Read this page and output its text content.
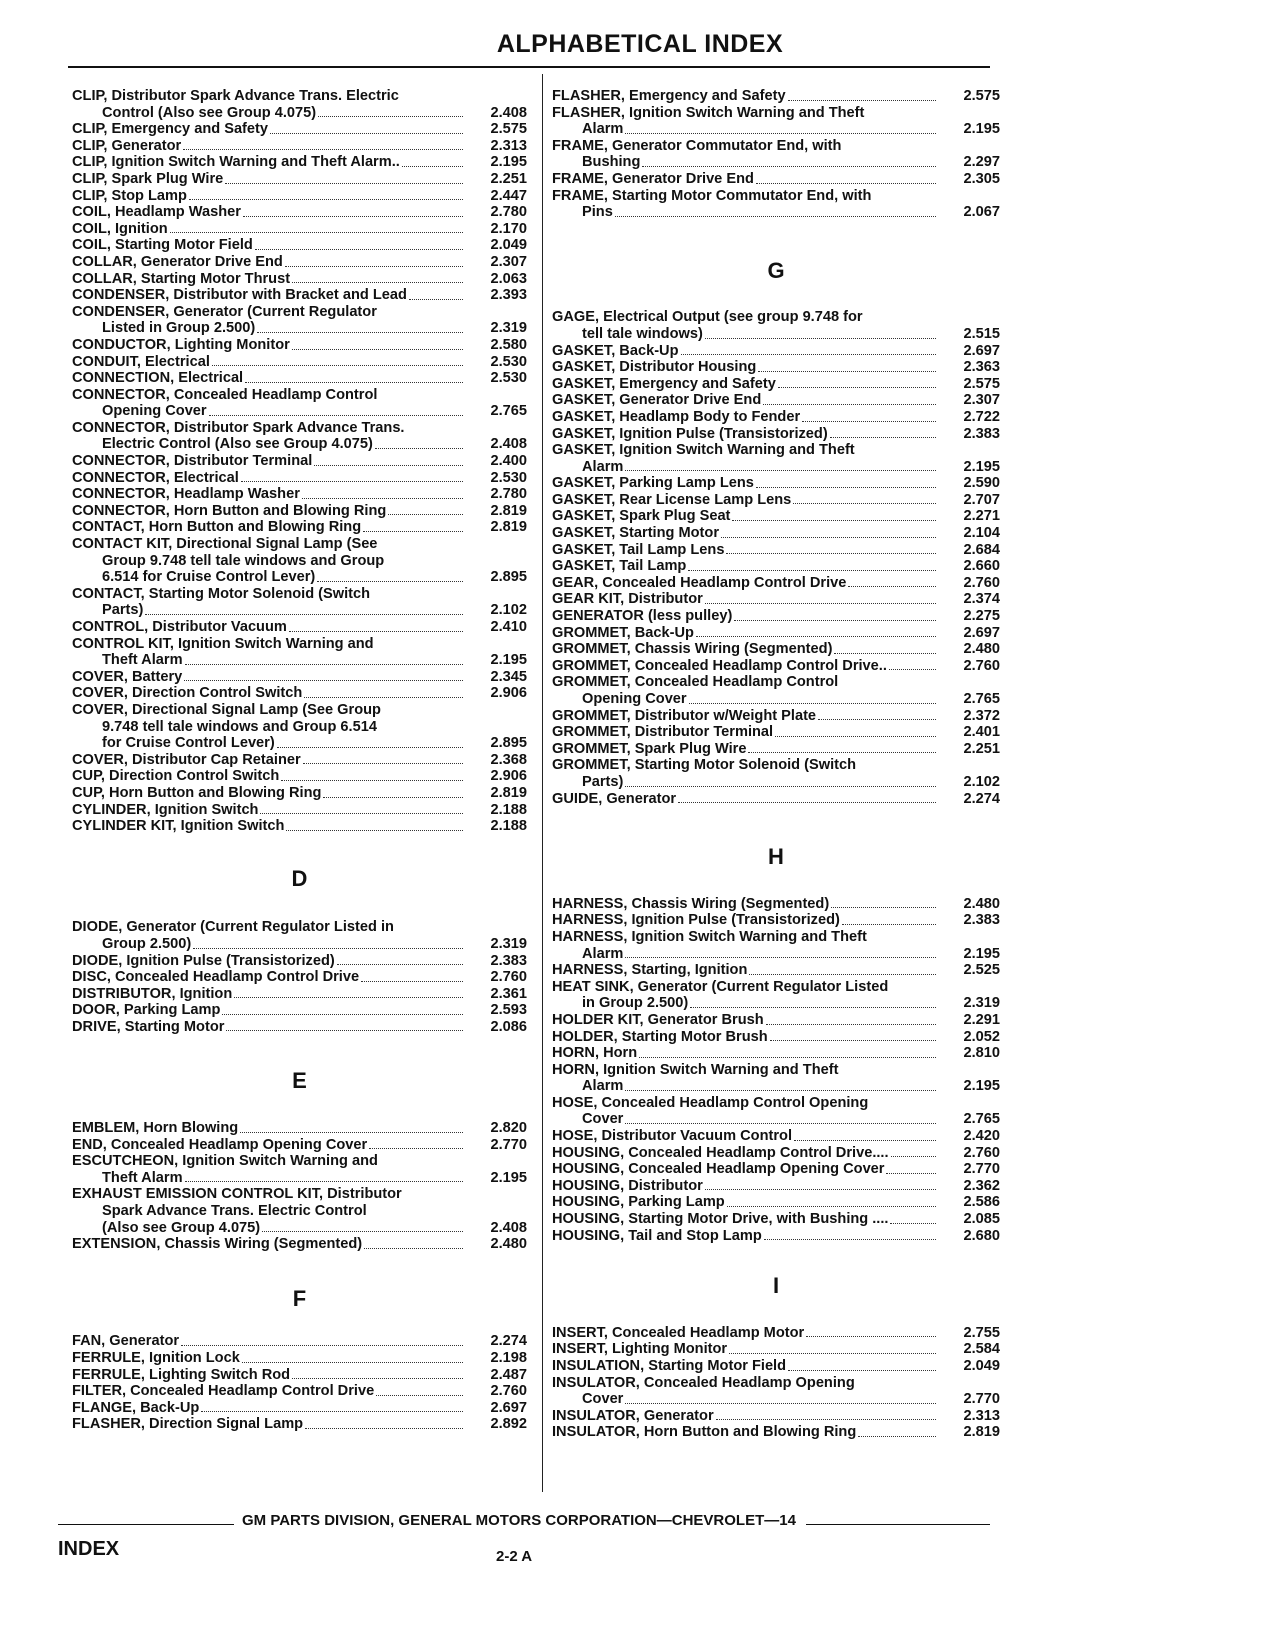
ALPHABETICAL INDEX
CLIP, Distributor Spark Advance Trans. Electric
Control (Also see Group 4.075)	2.408
CLIP, Emergency and Safety	2.575
CLIP, Generator	2.313
CLIP, Ignition Switch Warning and Theft Alarm..	2.195
CLIP, Spark Plug Wire	2.251
CLIP, Stop Lamp	2.447
COIL, Headlamp Washer	2.780
COIL, Ignition	2.170
COIL, Starting Motor Field	2.049
COLLAR, Generator Drive End	2.307
COLLAR, Starting Motor Thrust	2.063
CONDENSER, Distributor with Bracket and Lead	2.393
CONDENSER, Generator (Current Regulator
Listed in Group 2.500)	2.319
CONDUCTOR, Lighting Monitor	2.580
CONDUIT, Electrical	2.530
CONNECTION, Electrical	2.530
CONNECTOR, Concealed Headlamp Control
Opening Cover	2.765
CONNECTOR, Distributor Spark Advance Trans.
Electric Control (Also see Group 4.075)	2.408
CONNECTOR, Distributor Terminal	2.400
CONNECTOR, Electrical	2.530
CONNECTOR, Headlamp Washer	2.780
CONNECTOR, Horn Button and Blowing Ring	2.819
CONTACT, Horn Button and Blowing Ring	2.819
CONTACT KIT, Directional Signal Lamp (See
Group 9.748 tell tale windows and Group
6.514 for Cruise Control Lever)	2.895
CONTACT, Starting Motor Solenoid (Switch
Parts)	2.102
CONTROL, Distributor Vacuum	2.410
CONTROL KIT, Ignition Switch Warning and
Theft Alarm	2.195
COVER, Battery	2.345
COVER, Direction Control Switch	2.906
COVER, Directional Signal Lamp (See Group
9.748 tell tale windows and Group 6.514
for Cruise Control Lever)	2.895
COVER, Distributor Cap Retainer	2.368
CUP, Direction Control Switch	2.906
CUP, Horn Button and Blowing Ring	2.819
CYLINDER, Ignition Switch	2.188
CYLINDER KIT, Ignition Switch	2.188
D
DIODE, Generator (Current Regulator Listed in
Group 2.500)	2.319
DIODE, Ignition Pulse (Transistorized)	2.383
DISC, Concealed Headlamp Control Drive	2.760
DISTRIBUTOR, Ignition	2.361
DOOR, Parking Lamp	2.593
DRIVE, Starting Motor	2.086
E
EMBLEM, Horn Blowing	2.820
END, Concealed Headlamp Opening Cover	2.770
ESCUTCHEON, Ignition Switch Warning and
Theft Alarm	2.195
EXHAUST EMISSION CONTROL KIT, Distributor
Spark Advance Trans. Electric Control
(Also see Group 4.075)	2.408
EXTENSION, Chassis Wiring (Segmented)	2.480
F
FAN, Generator	2.274
FERRULE, Ignition Lock	2.198
FERRULE, Lighting Switch Rod	2.487
FILTER, Concealed Headlamp Control Drive	2.760
FLANGE, Back-Up	2.697
FLASHER, Direction Signal Lamp	2.892
FLASHER, Emergency and Safety	2.575
FLASHER, Ignition Switch Warning and Theft
Alarm	2.195
FRAME, Generator Commutator End, with
Bushing	2.297
FRAME, Generator Drive End	2.305
FRAME, Starting Motor Commutator End, with
Pins	2.067
G
GAGE, Electrical Output (see group 9.748 for
tell tale windows)	2.515
GASKET, Back-Up	2.697
GASKET, Distributor Housing	2.363
GASKET, Emergency and Safety	2.575
GASKET, Generator Drive End	2.307
GASKET, Headlamp Body to Fender	2.722
GASKET, Ignition Pulse (Transistorized)	2.383
GASKET, Ignition Switch Warning and Theft
Alarm	2.195
GASKET, Parking Lamp Lens	2.590
GASKET, Rear License Lamp Lens	2.707
GASKET, Spark Plug Seat	2.271
GASKET, Starting Motor	2.104
GASKET, Tail Lamp Lens	2.684
GASKET, Tail Lamp	2.660
GEAR, Concealed Headlamp Control Drive	2.760
GEAR KIT, Distributor	2.374
GENERATOR (less pulley)	2.275
GROMMET, Back-Up	2.697
GROMMET, Chassis Wiring (Segmented)	2.480
GROMMET, Concealed Headlamp Control Drive..	2.760
GROMMET, Concealed Headlamp Control
Opening Cover	2.765
GROMMET, Distributor w/Weight Plate	2.372
GROMMET, Distributor Terminal	2.401
GROMMET, Spark Plug Wire	2.251
GROMMET, Starting Motor Solenoid (Switch
Parts)	2.102
GUIDE, Generator	2.274
H
HARNESS, Chassis Wiring (Segmented)	2.480
HARNESS, Ignition Pulse (Transistorized)	2.383
HARNESS, Ignition Switch Warning and Theft
Alarm	2.195
HARNESS, Starting, Ignition	2.525
HEAT SINK, Generator (Current Regulator Listed
in Group 2.500)	2.319
HOLDER KIT, Generator Brush	2.291
HOLDER, Starting Motor Brush	2.052
HORN, Horn	2.810
HORN, Ignition Switch Warning and Theft
Alarm	2.195
HOSE, Concealed Headlamp Control Opening
Cover	2.765
HOSE, Distributor Vacuum Control	2.420
HOUSING, Concealed Headlamp Control Drive....	2.760
HOUSING, Concealed Headlamp Opening Cover	2.770
HOUSING, Distributor	2.362
HOUSING, Parking Lamp	2.586
HOUSING, Starting Motor Drive, with Bushing ....	2.085
HOUSING, Tail and Stop Lamp	2.680
I
INSERT, Concealed Headlamp Motor	2.755
INSERT, Lighting Monitor	2.584
INSULATION, Starting Motor Field	2.049
INSULATOR, Concealed Headlamp Opening
Cover	2.770
INSULATOR, Generator	2.313
INSULATOR, Horn Button and Blowing Ring	2.819
GM PARTS DIVISION, GENERAL MOTORS CORPORATION—CHEVROLET—14
INDEX	2-2 A
